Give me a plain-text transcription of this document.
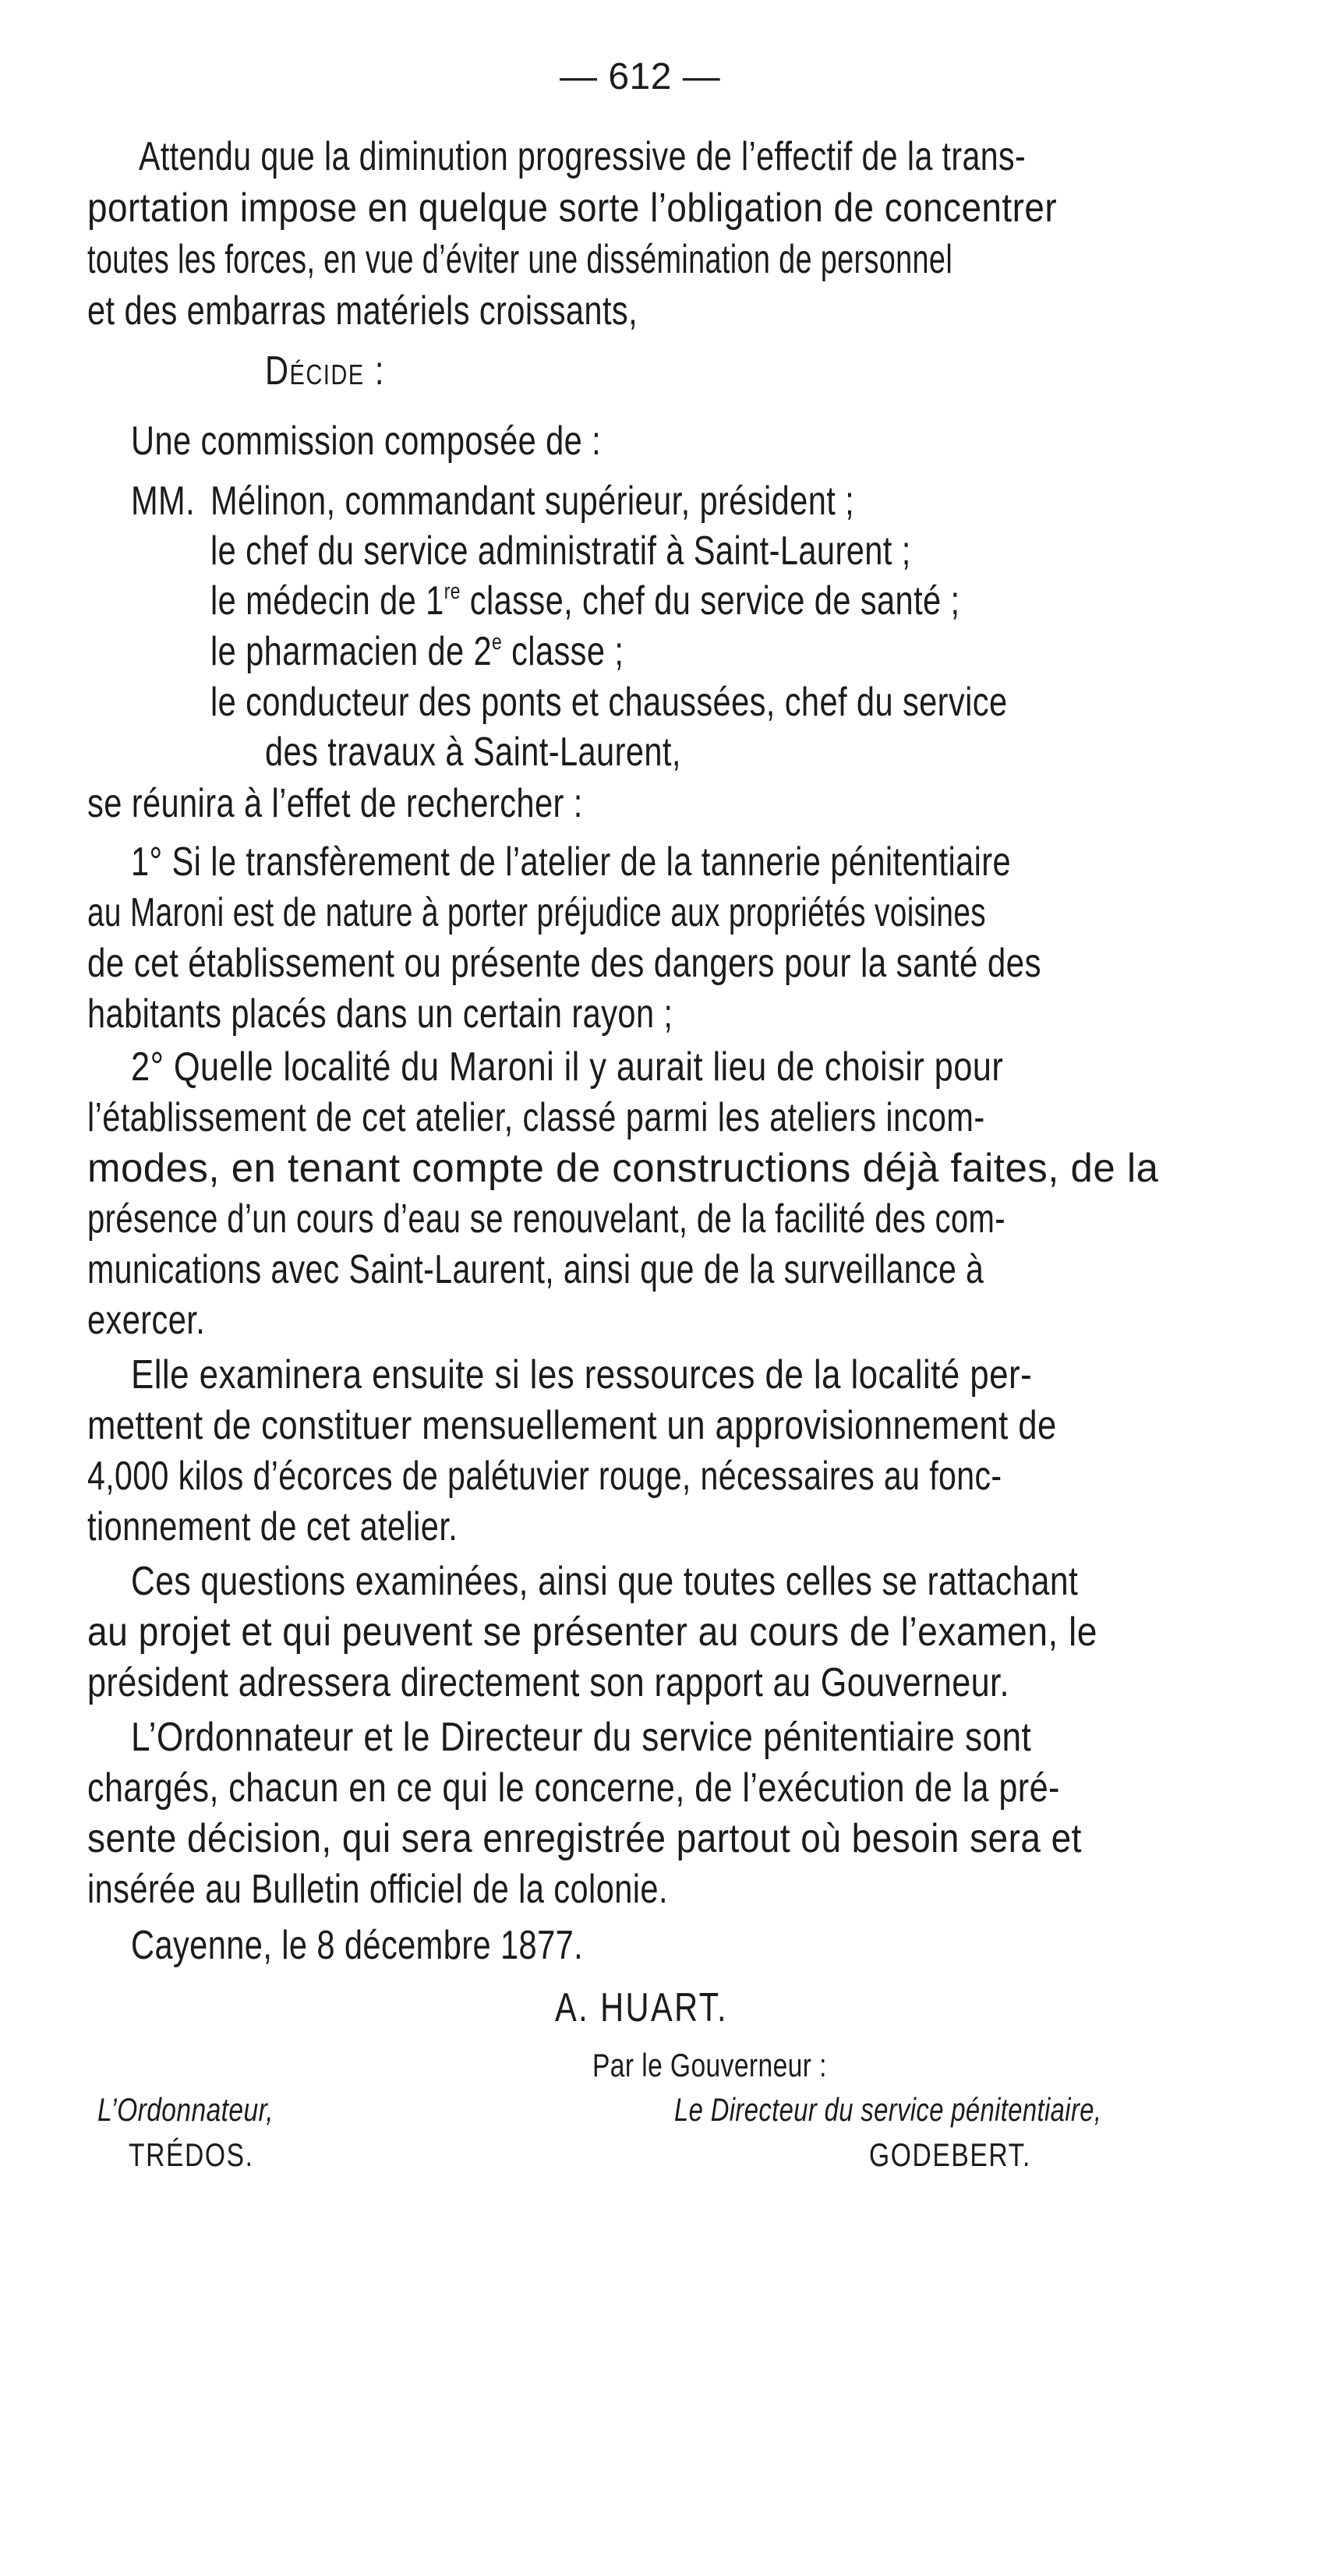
— 612 —
Attendu que la diminution progressive de l’effectif de la trans-
portation impose en quelque sorte l’obligation de concentrer
toutes les forces, en vue d’éviter une dissémination de personnel
et des embarras matériels croissants,
Décide :
Une commission composée de :
MM. Mélinon, commandant supérieur, président ;
le chef du service administratif à Saint-Laurent ;
le médecin de 1re classe, chef du service de santé ;
le pharmacien de 2e classe ;
le conducteur des ponts et chaussées, chef du service
des travaux à Saint-Laurent,
se réunira à l’effet de rechercher :
1° Si le transfèrement de l’atelier de la tannerie pénitentiaire
au Maroni est de nature à porter préjudice aux propriétés voisines
de cet établissement ou présente des dangers pour la santé des
habitants placés dans un certain rayon ;
2° Quelle localité du Maroni il y aurait lieu de choisir pour
l’établissement de cet atelier, classé parmi les ateliers incom-
modes, en tenant compte de constructions déjà faites, de la
présence d’un cours d’eau se renouvelant, de la facilité des com-
munications avec Saint-Laurent, ainsi que de la surveillance à
exercer.
Elle examinera ensuite si les ressources de la localité per-
mettent de constituer mensuellement un approvisionnement de
4,000 kilos d’écorces de palétuvier rouge, nécessaires au fonc-
tionnement de cet atelier.
Ces questions examinées, ainsi que toutes celles se rattachant
au projet et qui peuvent se présenter au cours de l’examen, le
président adressera directement son rapport au Gouverneur.
L’Ordonnateur et le Directeur du service pénitentiaire sont
chargés, chacun en ce qui le concerne, de l’exécution de la pré-
sente décision, qui sera enregistrée partout où besoin sera et
insérée au Bulletin officiel de la colonie.
Cayenne, le 8 décembre 1877.
A. HUART.
Par le Gouverneur :
L’Ordonnateur,	Le Directeur du service pénitentiaire,
TRÉDOS.	GODEBERT.
